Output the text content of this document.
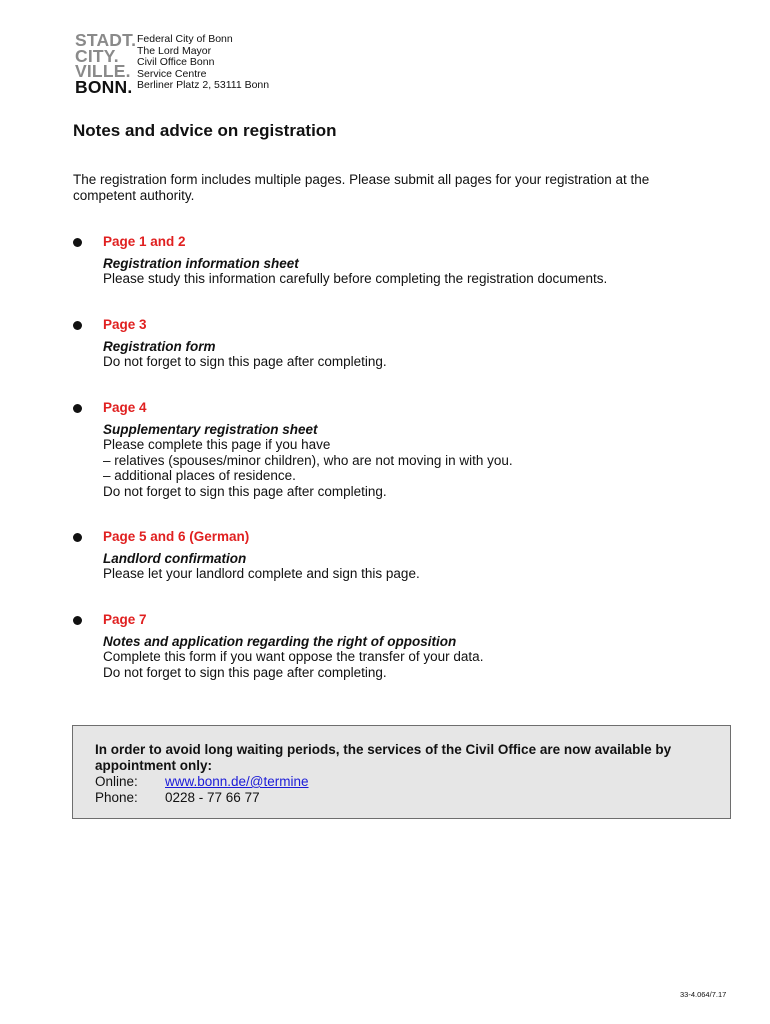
STADT.
CITY.
VILLE.
BONN.
Federal City of Bonn
The Lord Mayor
Civil Office Bonn
Service Centre
Berliner Platz 2, 53111 Bonn
Notes and advice on registration
The registration form includes multiple pages. Please submit all pages for your registration at the competent authority.
Page 1 and 2
Registration information sheet
Please study this information carefully before completing the registration documents.
Page 3
Registration form
Do not forget to sign this page after completing.
Page 4
Supplementary registration sheet
Please complete this page if you have
– relatives (spouses/minor children), who are not moving in with you.
– additional places of residence.
Do not forget to sign this page after completing.
Page 5 and 6 (German)
Landlord confirmation
Please let your landlord complete and sign this page.
Page 7
Notes and application regarding the right of opposition
Complete this form if you want oppose the transfer of your data.
Do not forget to sign this page after completing.
In order to avoid long waiting periods, the services of the Civil Office are now available by appointment only:
Online:	www.bonn.de/@termine
Phone:	0228 - 77 66 77
33-4.064/7.17
